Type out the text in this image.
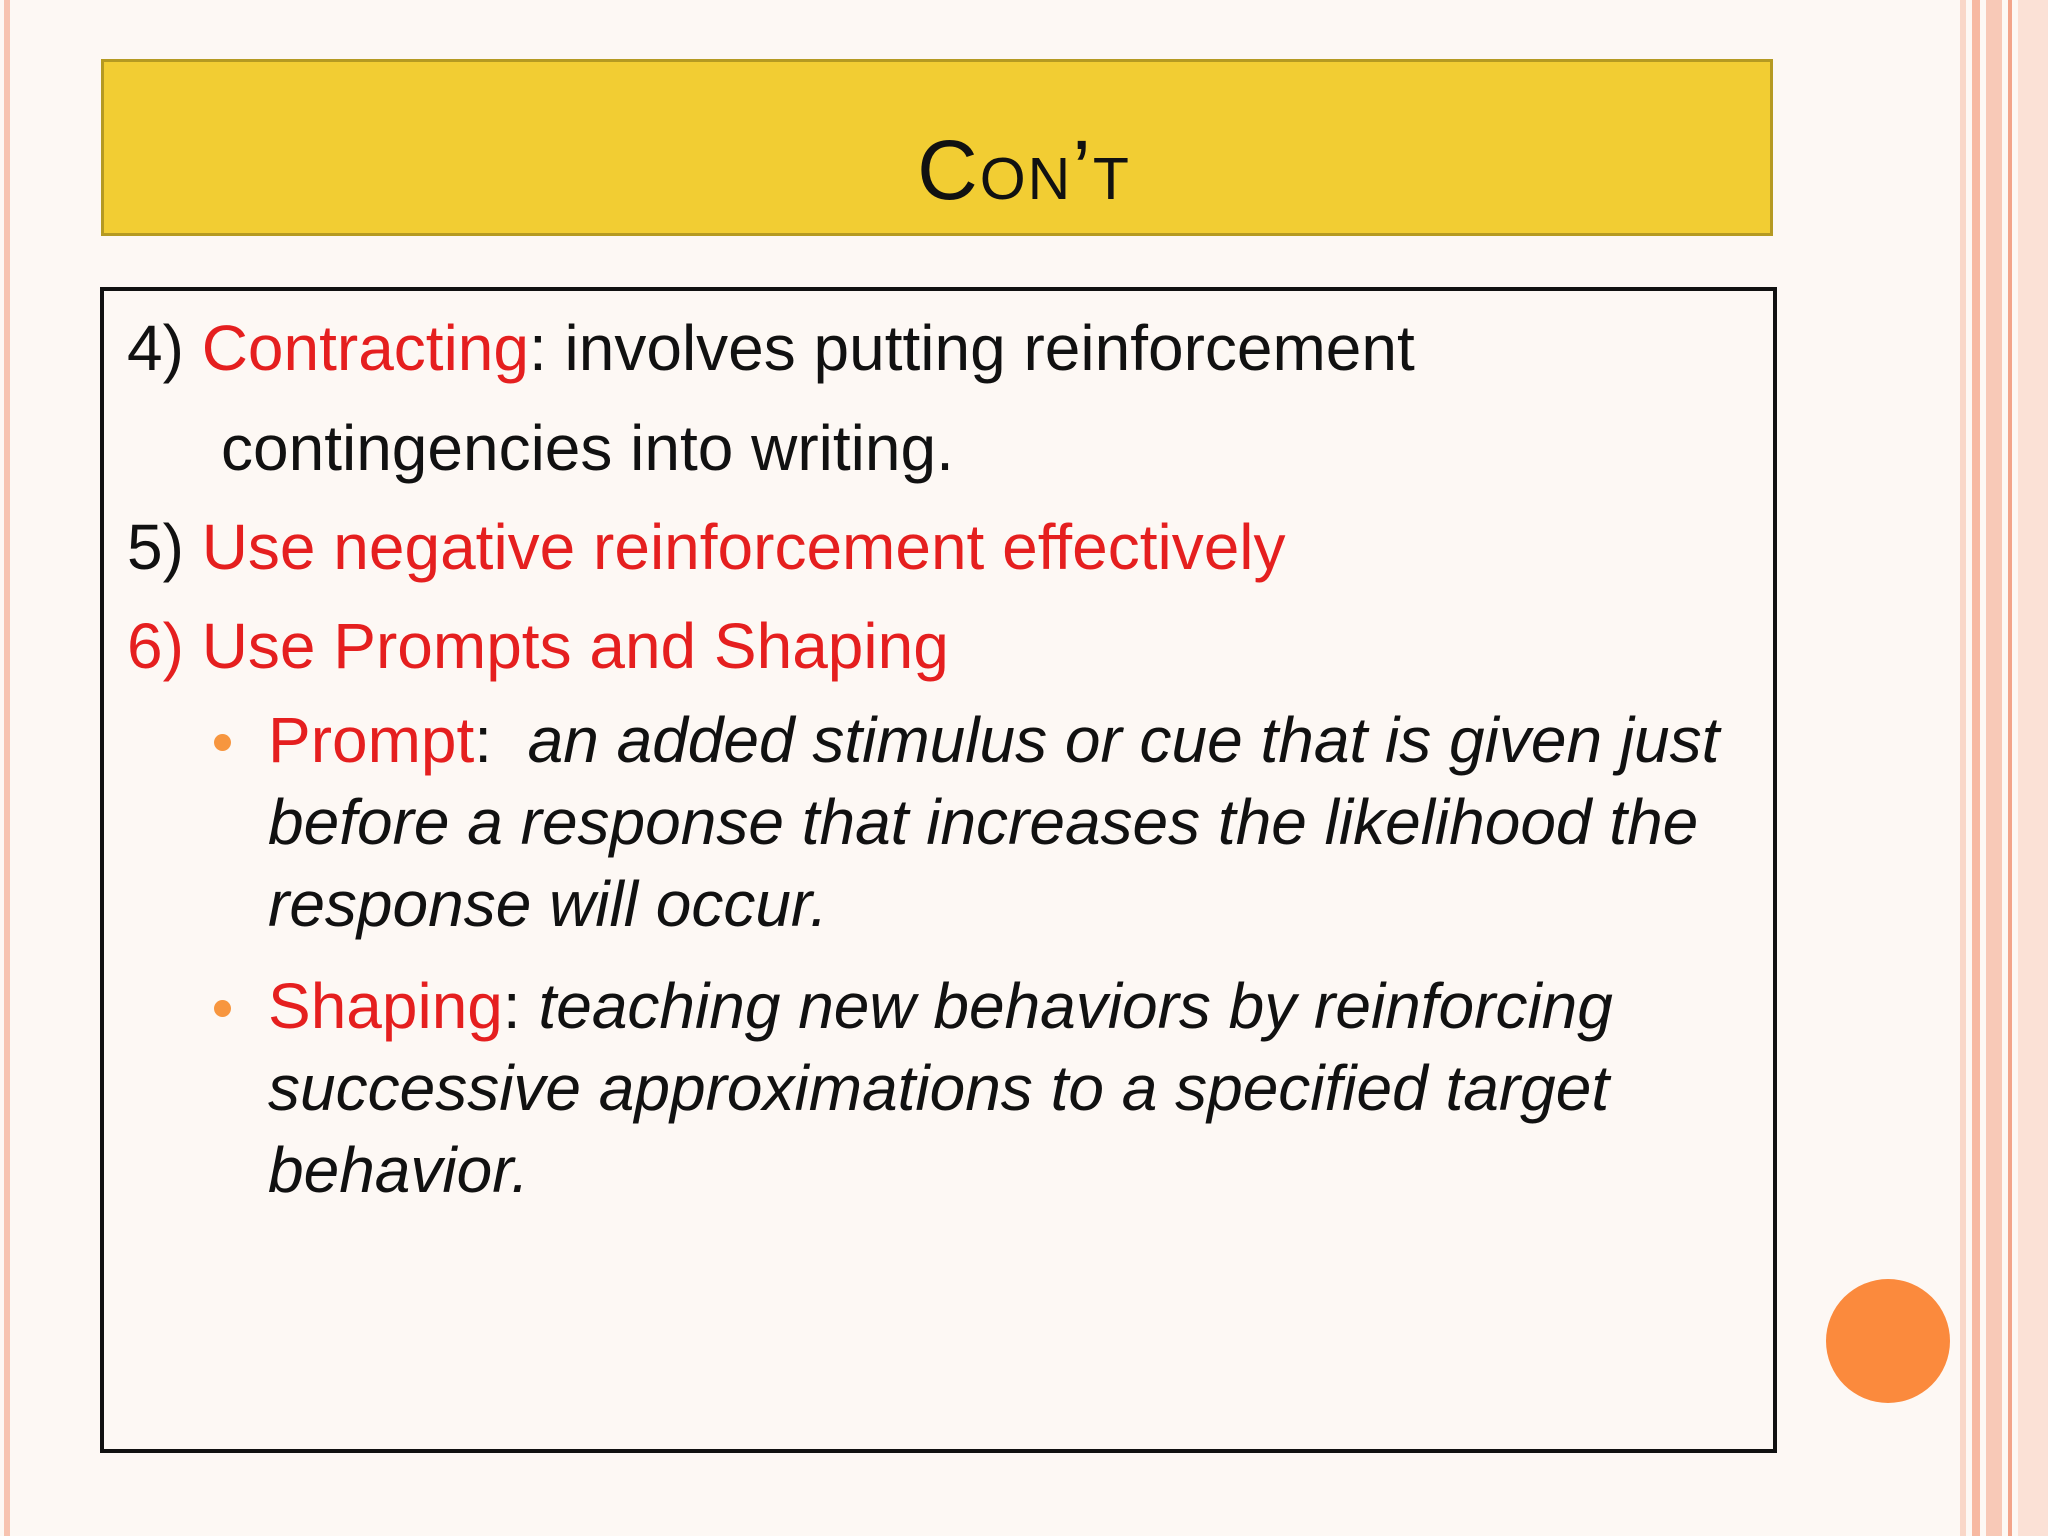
Con’t
4) Contracting: involves putting reinforcement
contingencies into writing.
5) Use negative reinforcement effectively
6) Use Prompts and Shaping
Prompt:  an added stimulus or cue that is given just before a response that increases the likelihood the response will occur.
Shaping: teaching new behaviors by reinforcing successive approximations to a specified target behavior.
